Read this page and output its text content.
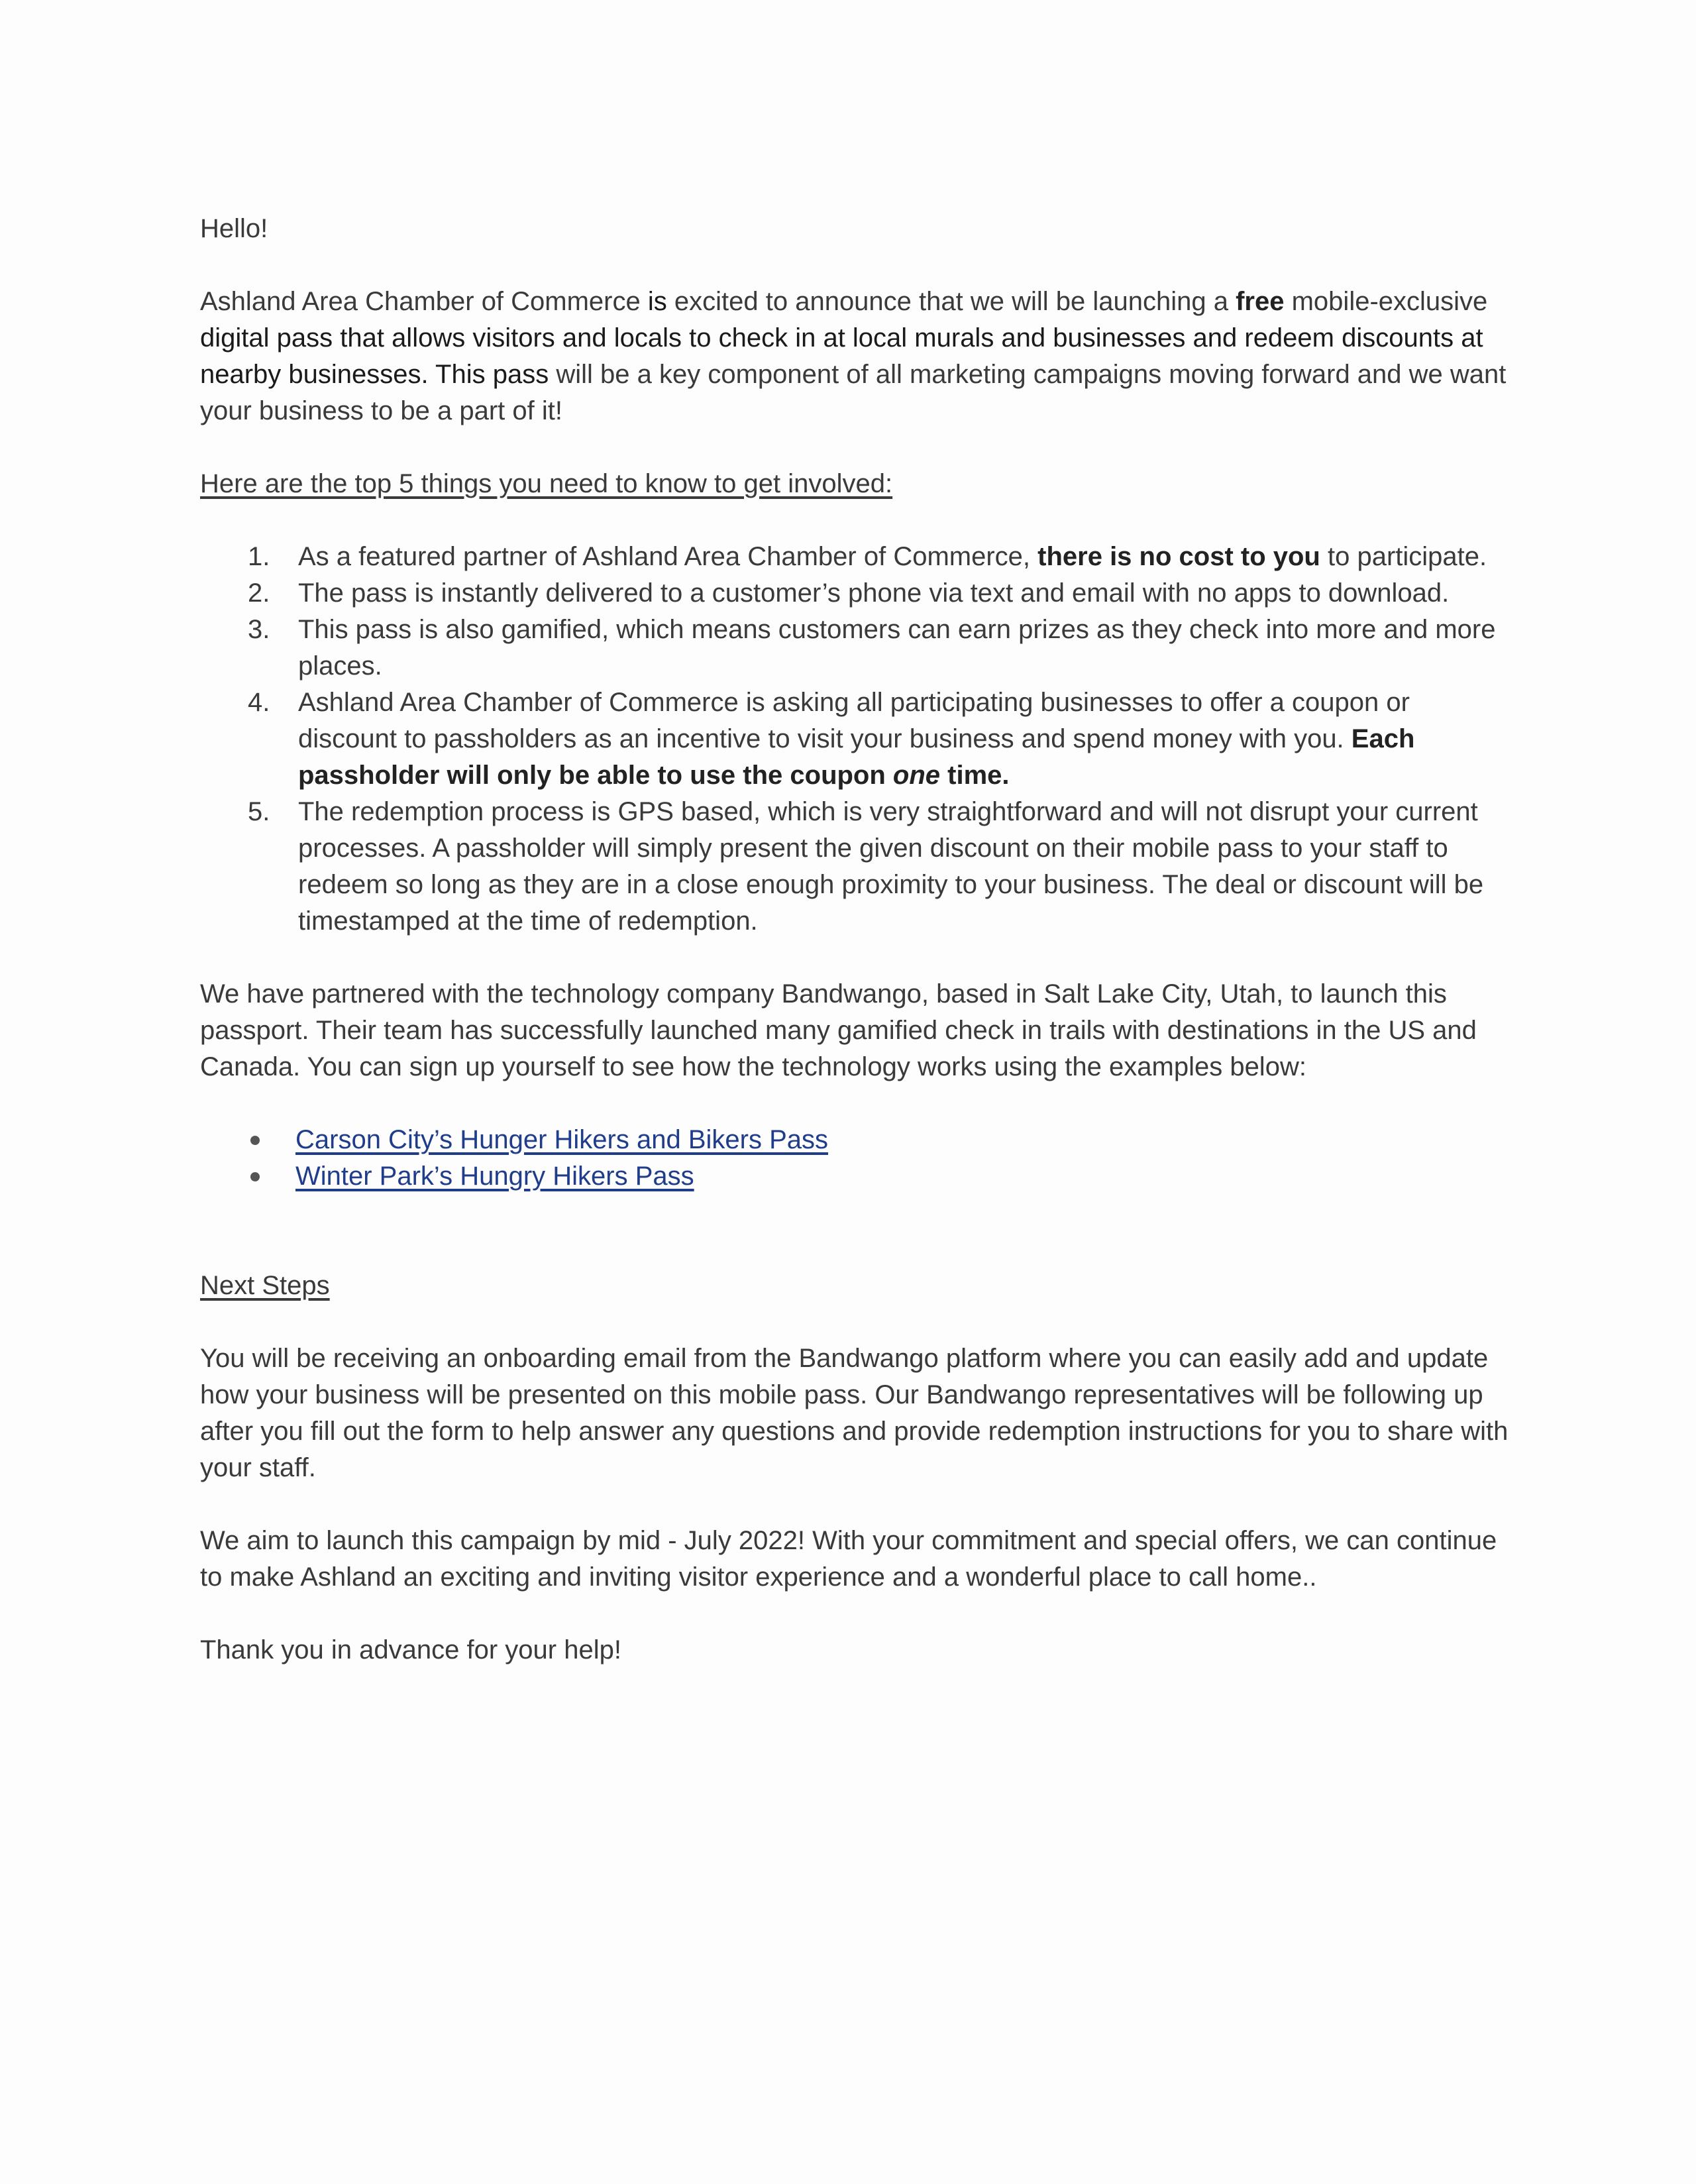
Hello!

Ashland Area Chamber of Commerce is excited to announce that we will be launching a free mobile-exclusive digital pass that allows visitors and locals to check in at local murals and businesses and redeem discounts at nearby businesses. This pass will be a key component of all marketing campaigns moving forward and we want your business to be a part of it!

Here are the top 5 things you need to know to get involved:

1. As a featured partner of Ashland Area Chamber of Commerce, there is no cost to you to participate.
2. The pass is instantly delivered to a customer’s phone via text and email with no apps to download.
3. This pass is also gamified, which means customers can earn prizes as they check into more and more places.
4. Ashland Area Chamber of Commerce is asking all participating businesses to offer a coupon or discount to passholders as an incentive to visit your business and spend money with you. Each passholder will only be able to use the coupon one time.
5. The redemption process is GPS based, which is very straightforward and will not disrupt your current processes. A passholder will simply present the given discount on their mobile pass to your staff to redeem so long as they are in a close enough proximity to your business. The deal or discount will be timestamped at the time of redemption.

We have partnered with the technology company Bandwango, based in Salt Lake City, Utah, to launch this passport. Their team has successfully launched many gamified check in trails with destinations in the US and Canada. You can sign up yourself to see how the technology works using the examples below:

Carson City’s Hunger Hikers and Bikers Pass
Winter Park’s Hungry Hikers Pass

Next Steps

You will be receiving an onboarding email from the Bandwango platform where you can easily add and update how your business will be presented on this mobile pass. Our Bandwango representatives will be following up after you fill out the form to help answer any questions and provide redemption instructions for you to share with your staff.

We aim to launch this campaign by mid - July 2022! With your commitment and special offers, we can continue to make Ashland an exciting and inviting visitor experience and a wonderful place to call home..

Thank you in advance for your help!
